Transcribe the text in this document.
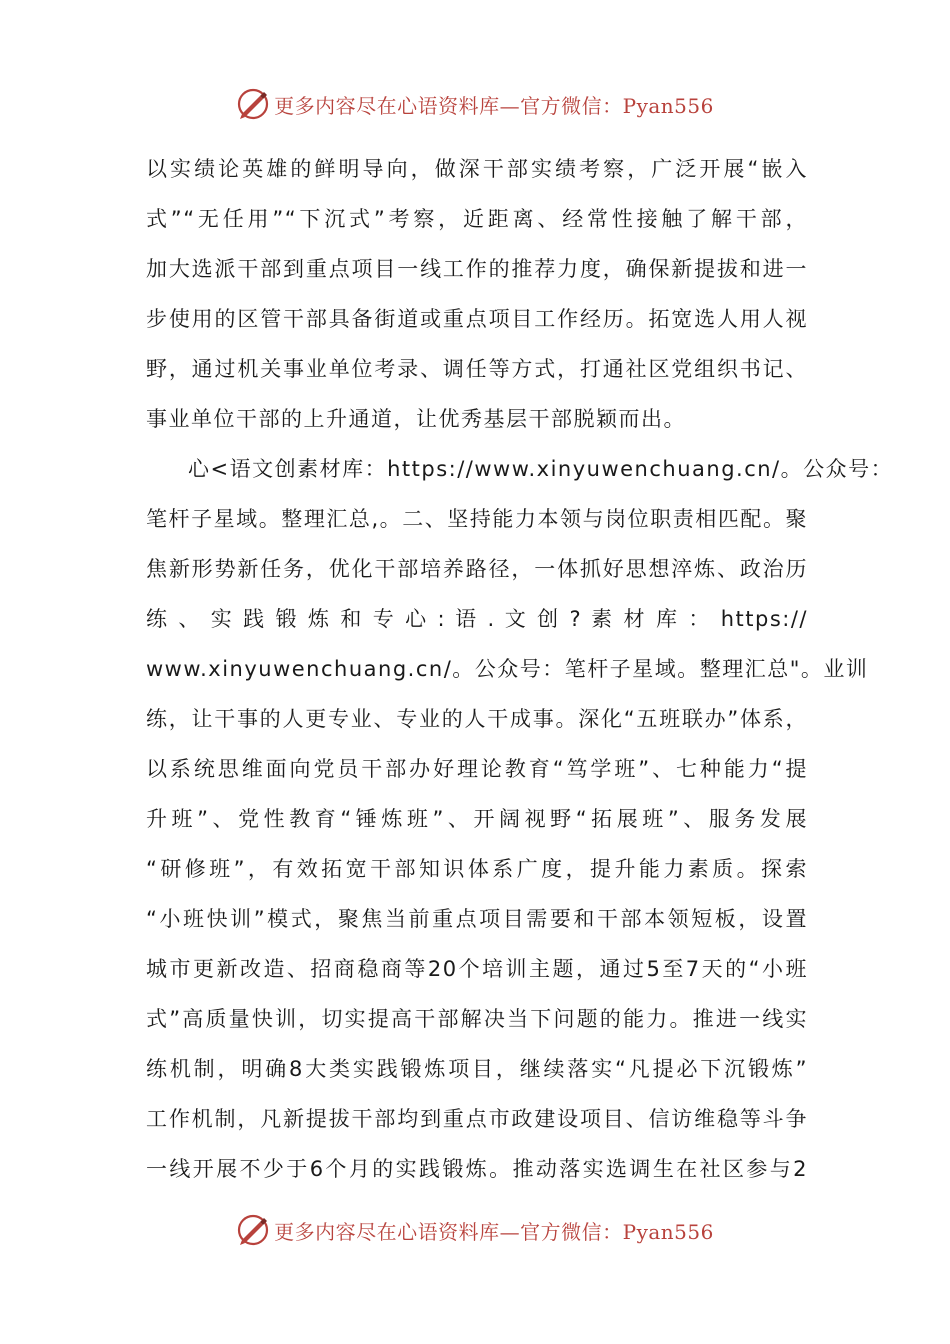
更多内容尽在心语资料库—官方微信：Pyan556
以实绩论英雄的鲜明导向，做深干部实绩考察，广泛开展“嵌入
式”“无任用”“下沉式”考察，近距离、经常性接触了解干部，
加大选派干部到重点项目一线工作的推荐力度，确保新提拔和进一
步使用的区管干部具备街道或重点项目工作经历。拓宽选人用人视
野，通过机关事业单位考录、调任等方式，打通社区党组织书记、
事业单位干部的上升通道，让优秀基层干部脱颖而出。
心<语文创素材库：https://www.xinyuwenchuang.cn/。公众号：
笔杆子星域。整理汇总,。二、坚持能力本领与岗位职责相匹配。聚
焦新形势新任务，优化干部培养路径，一体抓好思想淬炼、政治历
练 、 实 践 锻 炼 和 专 心 : 语 . 文 创 ? 素 材 库 ： https://
www.xinyuwenchuang.cn/。公众号：笔杆子星域。整理汇总"。业训
练，让干事的人更专业、专业的人干成事。深化“五班联办”体系，
以系统思维面向党员干部办好理论教育“笃学班”、七种能力“提
升班”、党性教育“锤炼班”、开阔视野“拓展班”、服务发展
“研修班”，有效拓宽干部知识体系广度，提升能力素质。探索
“小班快训”模式，聚焦当前重点项目需要和干部本领短板，设置
城市更新改造、招商稳商等20个培训主题，通过5至7天的“小班
式”高质量快训，切实提高干部解决当下问题的能力。推进一线实
练机制，明确8大类实践锻炼项目，继续落实“凡提必下沉锻炼”
工作机制，凡新提拔干部均到重点市政建设项目、信访维稳等斗争
一线开展不少于6个月的实践锻炼。推动落实选调生在社区参与2
更多内容尽在心语资料库—官方微信：Pyan556
